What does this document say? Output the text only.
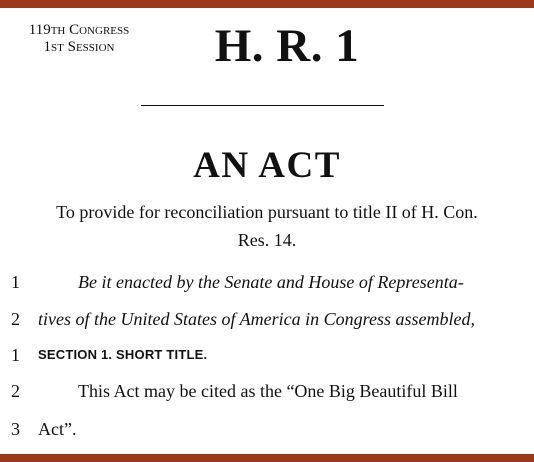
119th Congress
1st Session	H. R. 1
AN ACT
To provide for reconciliation pursuant to title II of H. Con.
Res. 14.
1	Be it enacted by the Senate and House of Representa-
2	tives of the United States of America in Congress assembled,
1	SECTION 1. SHORT TITLE.
2	This Act may be cited as the “One Big Beautiful Bill
3	Act”.
